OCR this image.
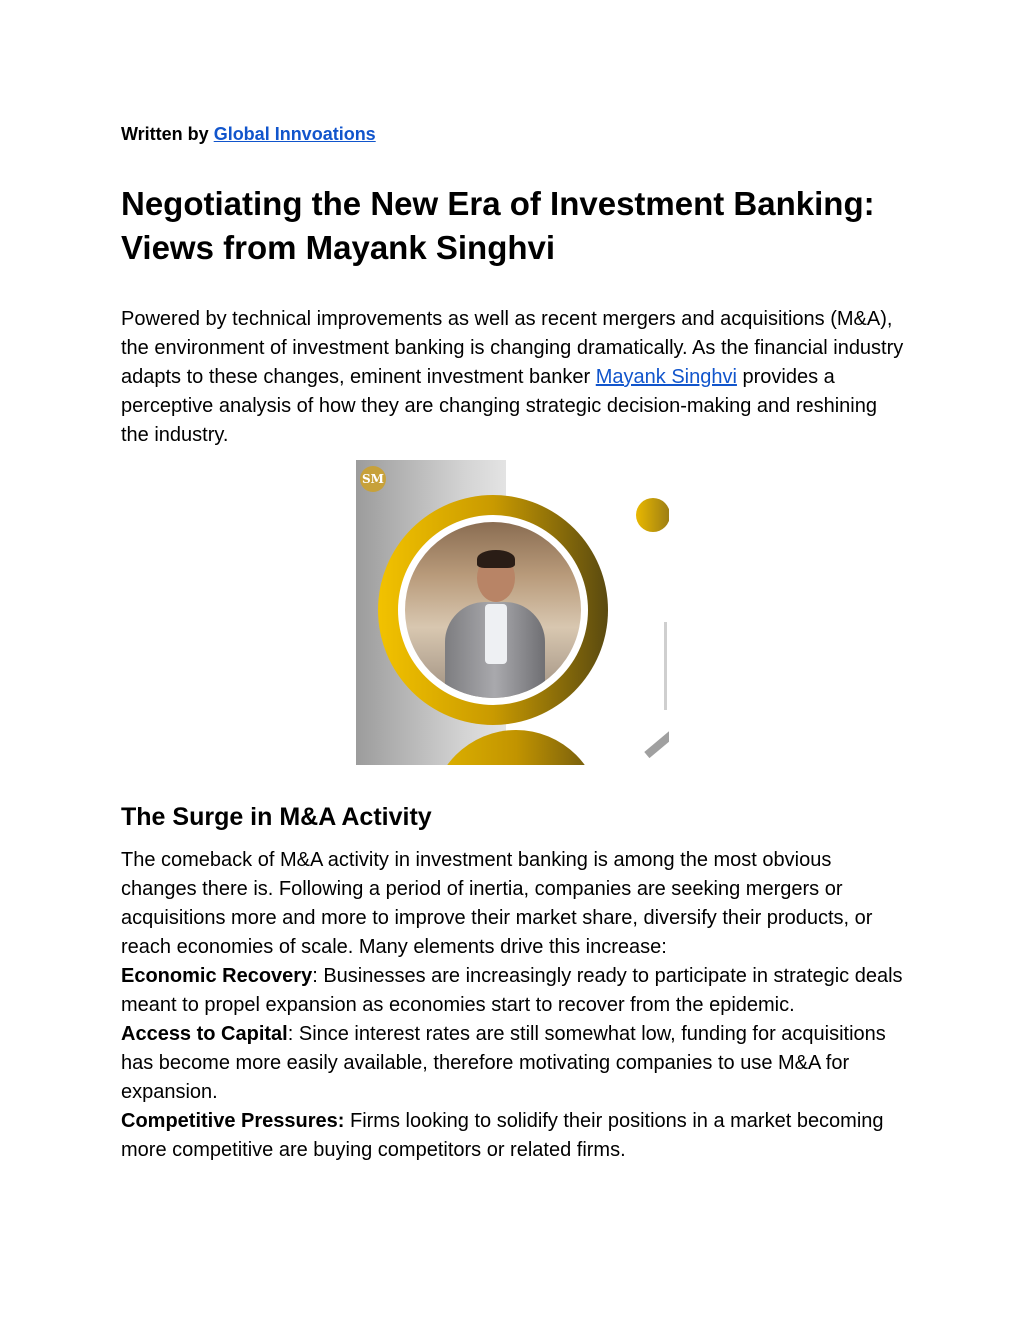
Written by Global Innvoations
Negotiating the New Era of Investment Banking: Views from Mayank Singhvi

Powered by technical improvements as well as recent mergers and acquisitions (M&A), the environment of investment banking is changing dramatically. As the financial industry adapts to these changes, eminent investment banker Mayank Singhvi provides a perceptive analysis of how they are changing strategic decision-making and reshining the industry.

SM
The Surge in M&A Activity

The comeback of M&A activity in investment banking is among the most obvious changes there is. Following a period of inertia, companies are seeking mergers or acquisitions more and more to improve their market share, diversify their products, or reach economies of scale. Many elements drive this increase:

Economic Recovery: Businesses are increasingly ready to participate in strategic deals meant to propel expansion as economies start to recover from the epidemic.

Access to Capital: Since interest rates are still somewhat low, funding for acquisitions has become more easily available, therefore motivating companies to use M&A for expansion.

Competitive Pressures: Firms looking to solidify their positions in a market becoming more competitive are buying competitors or related firms.
